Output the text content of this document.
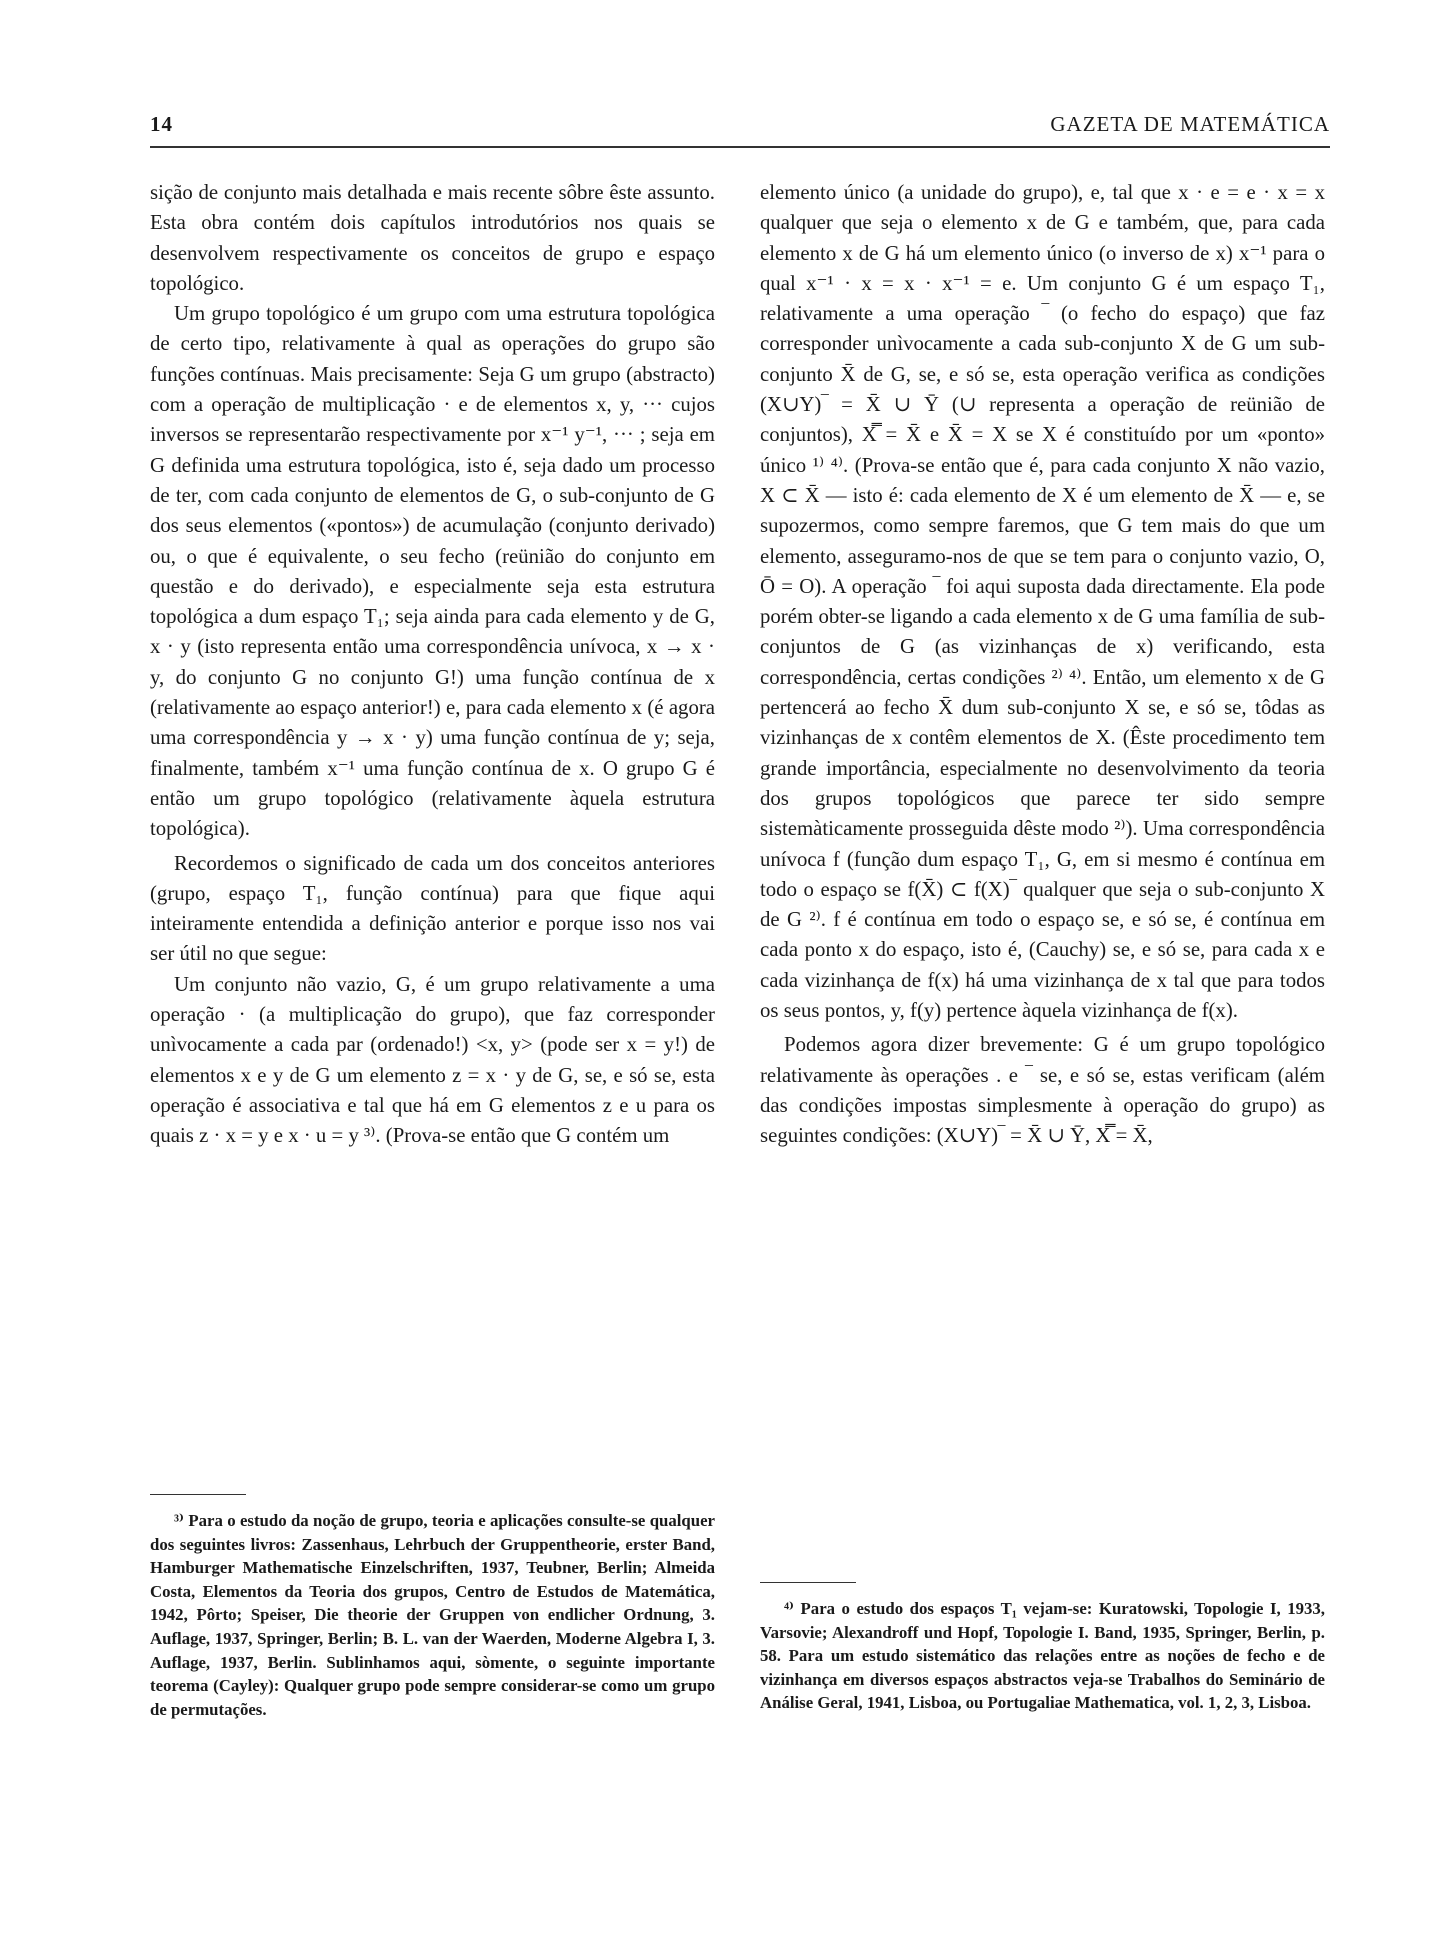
14	GAZETA DE MATEMÁTICA

sição de conjunto mais detalhada e mais recente sôbre êste assunto. Esta obra contém dois capítulos introdutórios nos quais se desenvolvem respectivamente os conceitos de grupo e espaço topológico.

Um grupo topológico é um grupo com uma estrutura topológica de certo tipo, relativamente à qual as operações do grupo são funções contínuas. Mais precisamente: Seja G um grupo (abstracto) com a operação de multiplicação · e de elementos x, y, ··· cujos inversos se representarão respectivamente por x⁻¹ y⁻¹, ··· ; seja em G definida uma estrutura topológica, isto é, seja dado um processo de ter, com cada conjunto de elementos de G, o sub-conjunto de G dos seus elementos («pontos») de acumulação (conjunto derivado) ou, o que é equivalente, o seu fecho (reünião do conjunto em questão e do derivado), e especialmente seja esta estrutura topológica a dum espaço T₁; seja ainda para cada elemento y de G, x · y (isto representa então uma correspondência unívoca, x → x · y, do conjunto G no conjunto G!) uma função contínua de x (relativamente ao espaço anterior!) e, para cada elemento x (é agora uma correspondência y → x · y) uma função contínua de y; seja, finalmente, também x⁻¹ uma função contínua de x. O grupo G é então um grupo topológico (relativamente àquela estrutura topológica).

Recordemos o significado de cada um dos conceitos anteriores (grupo, espaço T₁, função contínua) para que fique aqui inteiramente entendida a definição anterior e porque isso nos vai ser útil no que segue:

Um conjunto não vazio, G, é um grupo relativamente a uma operação · (a multiplicação do grupo), que faz corresponder unìvocamente a cada par (ordenado!) <x, y> (pode ser x = y!) de elementos x e y de G um elemento z = x · y de G, se, e só se, esta operação é associativa e tal que há em G elementos z e u para os quais z · x = y e x · u = y ³⁾. (Prova-se então que G contém um

elemento único (a unidade do grupo), e, tal que x · e = e · x = x qualquer que seja o elemento x de G e também, que, para cada elemento x de G há um elemento único (o inverso de x) x⁻¹ para o qual x⁻¹ · x = x · x⁻¹ = e. Um conjunto G é um espaço T₁, relativamente a uma operação ‾ (o fecho do espaço) que faz corresponder unìvocamente a cada sub-conjunto X de G um sub-conjunto X̄ de G, se, e só se, esta operação verifica as condições (X∪Y)‾ = X̄ ∪ Ȳ (∪ representa a operação de reünião de conjuntos), X̿ = X̄ e X̄ = X se X é constituído por um «ponto» único ¹⁾ ⁴⁾. (Prova-se então que é, para cada conjunto X não vazio, X ⊂ X̄ — isto é: cada elemento de X é um elemento de X̄ — e, se supozermos, como sempre faremos, que G tem mais do que um elemento, asseguramo-nos de que se tem para o conjunto vazio, O, Ō = O). A operação ‾ foi aqui suposta dada directamente. Ela pode porém obter-se ligando a cada elemento x de G uma família de sub-conjuntos de G (as vizinhanças de x) verificando, esta correspondência, certas condições ²⁾ ⁴⁾. Então, um elemento x de G pertencerá ao fecho X̄ dum sub-conjunto X se, e só se, tôdas as vizinhanças de x contêm elementos de X. (Êste procedimento tem grande importância, especialmente no desenvolvimento da teoria dos grupos topológicos que parece ter sido sempre sistemàticamente prosseguida dêste modo ²⁾). Uma correspondência unívoca f (função dum espaço T₁, G, em si mesmo é contínua em todo o espaço se f(X̄) ⊂ f(X)‾ qualquer que seja o sub-conjunto X de G ²⁾. f é contínua em todo o espaço se, e só se, é contínua em cada ponto x do espaço, isto é, (Cauchy) se, e só se, para cada x e cada vizinhança de f(x) há uma vizinhança de x tal que para todos os seus pontos, y, f(y) pertence àquela vizinhança de f(x).

Podemos agora dizer brevemente: G é um grupo topológico relativamente às operações . e ‾ se, e só se, estas verificam (além das condições impostas simplesmente à operação do grupo) as seguintes condições: (X∪Y)‾ = X̄ ∪ Ȳ, X̿ = X̄,

³⁾ Para o estudo da noção de grupo, teoria e aplicações consulte-se qualquer dos seguintes livros: Zassenhaus, Lehrbuch der Gruppentheorie, erster Band, Hamburger Mathematische Einzelschriften, 1937, Teubner, Berlin; Almeida Costa, Elementos da Teoria dos grupos, Centro de Estudos de Matemática, 1942, Pôrto; Speiser, Die theorie der Gruppen von endlicher Ordnung, 3. Auflage, 1937, Springer, Berlin; B. L. van der Waerden, Moderne Algebra I, 3. Auflage, 1937, Berlin. Sublinhamos aqui, sòmente, o seguinte importante teorema (Cayley): Qualquer grupo pode sempre considerar-se como um grupo de permutações.

⁴⁾ Para o estudo dos espaços T₁ vejam-se: Kuratowski, Topologie I, 1933, Varsovie; Alexandroff und Hopf, Topologie I. Band, 1935, Springer, Berlin, p. 58. Para um estudo sistemático das relações entre as noções de fecho e de vizinhança em diversos espaços abstractos veja-se Trabalhos do Seminário de Análise Geral, 1941, Lisboa, ou Portugaliae Mathematica, vol. 1, 2, 3, Lisboa.
